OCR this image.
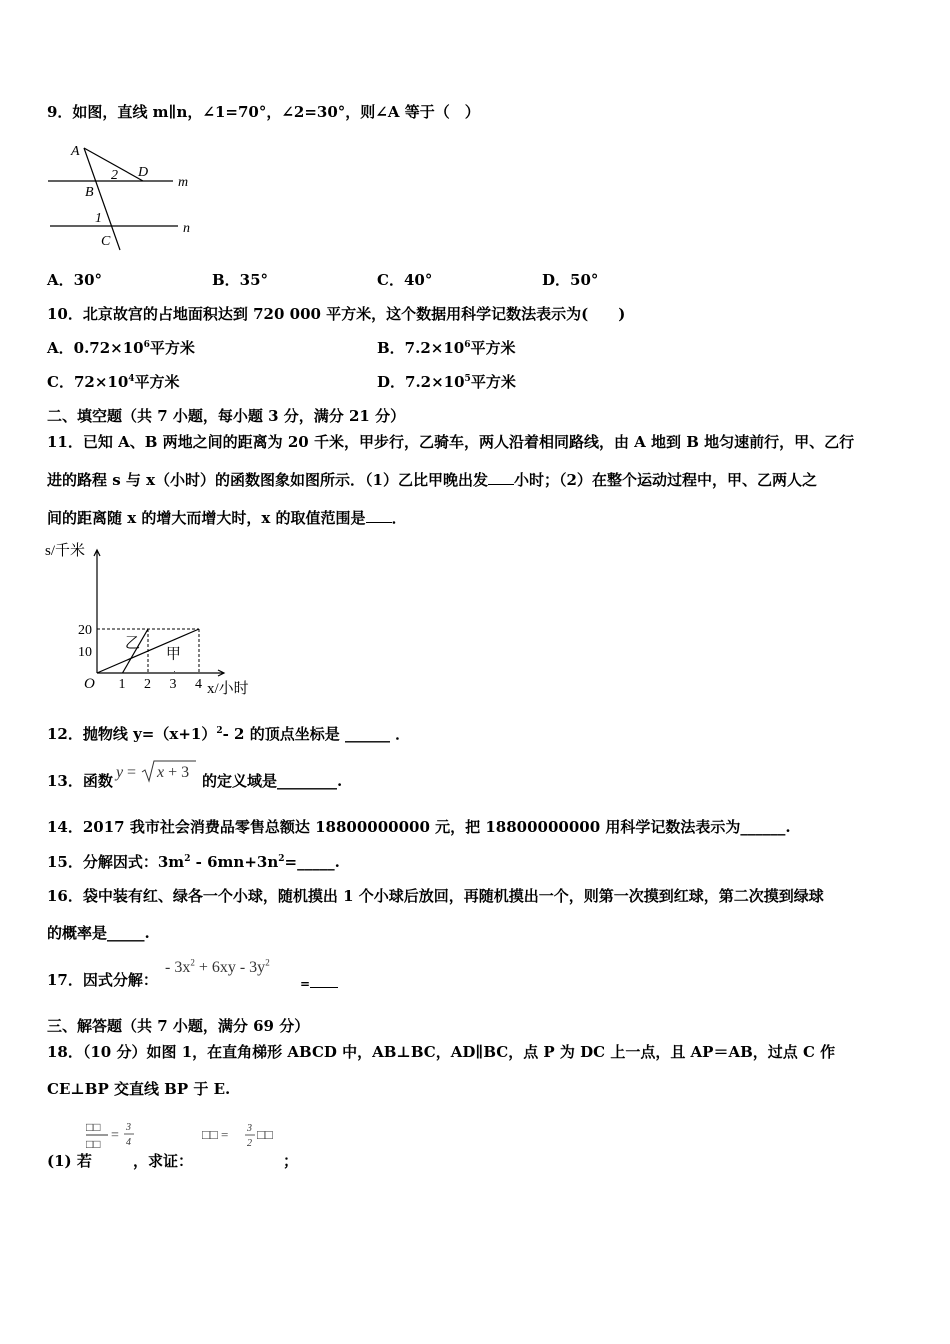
9．如图，直线 m∥n，∠1=70°，∠2=30°，则∠A 等于（　）
A
D
2	m
B
1
n
C
A．30°	B．35°	C．40°	D．50°
10．北京故宫的占地面积达到 720 000 平方米，这个数据用科学记数法表示为(　　)
A．$0.72\times 10^6$平方米	B．$7.2\times 10^6$平方米
C．$72\times 10^4$平方米	D．$7.2\times 10^5$平方米
二、填空题（共 7 小题，每小题 3 分，满分 21 分）
11．已知 A、B 两地之间的距离为 20 千米，甲步行，乙骑车，两人沿着相同路线，由 A 地到 B 地匀速前行，甲、乙行
进的路程 s 与 x（小时）的函数图象如图所示．（1）乙比甲晚出发 小时；（2）在整个运动过程中，甲、乙两人之
间的距离随 x 的增大而增大时，x 的取值范围是 ．
乙
甲
1 2 3 4
.
10
20
O
s/千米
x/小时
12．抛物线 $y=(x+1)^2-$ 2 的顶点坐标是 ______ ．
13．函数 y = x + 3 的定义域是________.
14．2017 我市社会消费品零售总额达 18800000000 元，把 18800000000 用科学记数法表示为______.
15．分解因式：$3m^2$ - $6mn+3n^2=\_\_\_\_\_$.
16．袋中装有红、绿各一个小球，随机摸出 1 个小球后放回，再随机摸出一个，则第一次摸到红球，第二次摸到绿球
的概率是_____.
17．因式分解：
- $3x^2 + 6xy - 3y^2$
=
三、解答题（共 7 小题，满分 69 分）
18．（10 分）如图 1，在直角梯形 ABCD 中，AB⊥BC，AD∥BC，点 P 为 DC 上一点，且 AP＝AB，过点 C 作
CE⊥BP 交直线 BP 于 E.
□□
□□
=
3
4
□□ = 3
2
□□
(1) 若	，求证：	；
